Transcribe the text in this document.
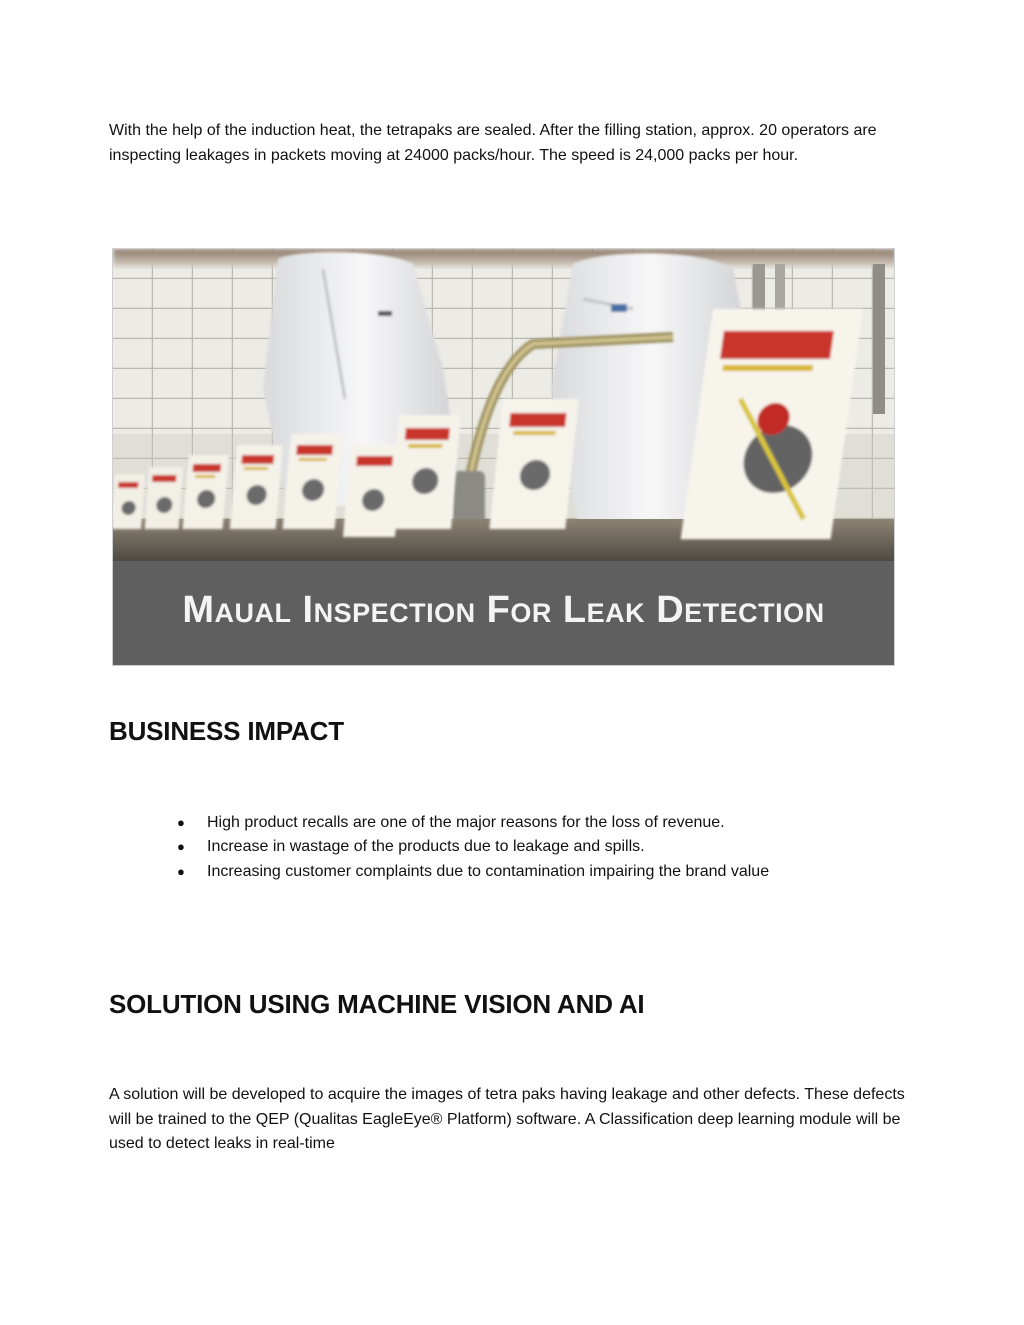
With the help of the induction heat, the tetrapaks are sealed. After the filling station, approx. 20 operators are inspecting leakages in packets moving at 24000 packs/hour. The speed is 24,000 packs per hour.

Maual Inspection For Leak Detection
BUSINESS IMPACT
● High product recalls are one of the major reasons for the loss of revenue.
● Increase in wastage of the products due to leakage and spills.
● Increasing customer complaints due to contamination impairing the brand value
SOLUTION USING MACHINE VISION AND AI

A solution will be developed to acquire the images of tetra paks having leakage and other defects. These defects will be trained to the QEP (Qualitas EagleEye® Platform) software. A Classification deep learning module will be used to detect leaks in real-time
